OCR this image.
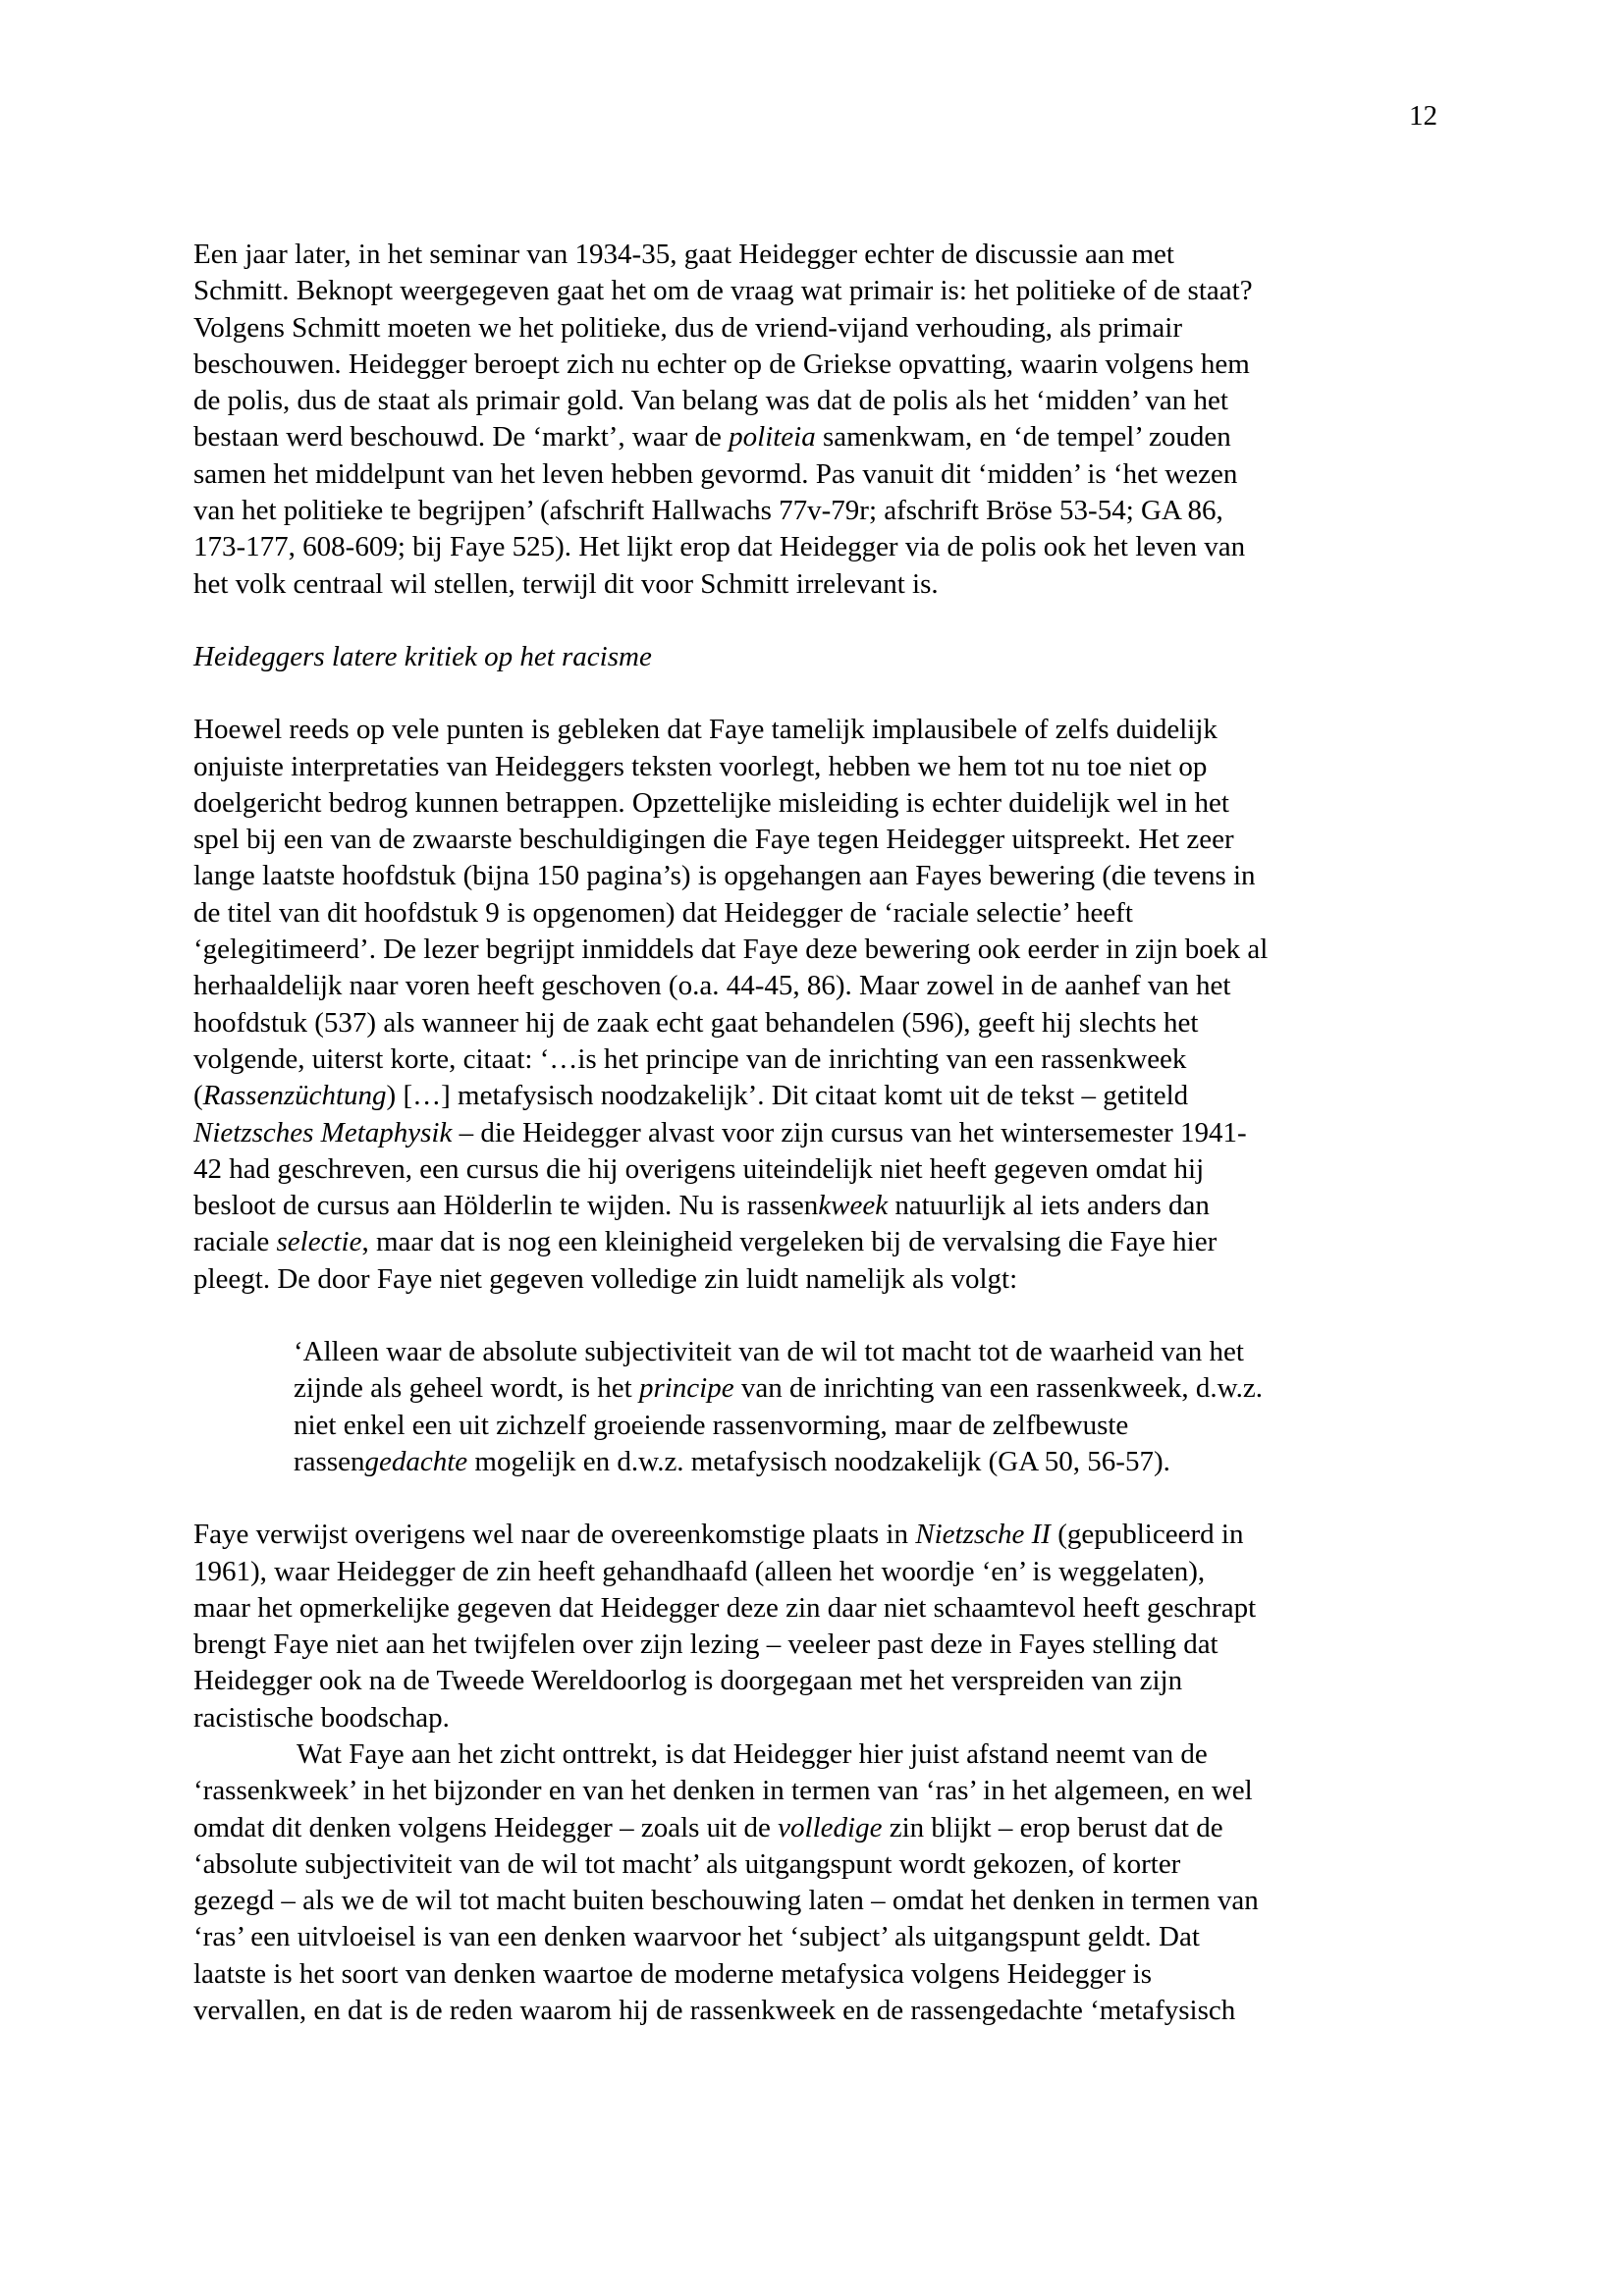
12

Een jaar later, in het seminar van 1934-35, gaat Heidegger echter de discussie aan met
Schmitt. Beknopt weergegeven gaat het om de vraag wat primair is: het politieke of de staat?
Volgens Schmitt moeten we het politieke, dus de vriend-vijand verhouding, als primair
beschouwen. Heidegger beroept zich nu echter op de Griekse opvatting, waarin volgens hem
de polis, dus de staat als primair gold. Van belang was dat de polis als het ‘midden’ van het
bestaan werd beschouwd. De ‘markt’, waar de politeia samenkwam, en ‘de tempel’ zouden
samen het middelpunt van het leven hebben gevormd. Pas vanuit dit ‘midden’ is ‘het wezen
van het politieke te begrijpen’ (afschrift Hallwachs 77v-79r; afschrift Bröse 53-54; GA 86,
173-177, 608-609; bij Faye 525). Het lijkt erop dat Heidegger via de polis ook het leven van
het volk centraal wil stellen, terwijl dit voor Schmitt irrelevant is.

Heideggers latere kritiek op het racisme

Hoewel reeds op vele punten is gebleken dat Faye tamelijk implausibele of zelfs duidelijk
onjuiste interpretaties van Heideggers teksten voorlegt, hebben we hem tot nu toe niet op
doelgericht bedrog kunnen betrappen. Opzettelijke misleiding is echter duidelijk wel in het
spel bij een van de zwaarste beschuldigingen die Faye tegen Heidegger uitspreekt. Het zeer
lange laatste hoofdstuk (bijna 150 pagina’s) is opgehangen aan Fayes bewering (die tevens in
de titel van dit hoofdstuk 9 is opgenomen) dat Heidegger de ‘raciale selectie’ heeft
‘gelegitimeerd’. De lezer begrijpt inmiddels dat Faye deze bewering ook eerder in zijn boek al
herhaaldelijk naar voren heeft geschoven (o.a. 44-45, 86). Maar zowel in de aanhef van het
hoofdstuk (537) als wanneer hij de zaak echt gaat behandelen (596), geeft hij slechts het
volgende, uiterst korte, citaat: ‘…is het principe van de inrichting van een rassenkweek
(Rassenzüchtung) […] metafysisch noodzakelijk’. Dit citaat komt uit de tekst – getiteld
Nietzsches Metaphysik – die Heidegger alvast voor zijn cursus van het wintersemester 1941-
42 had geschreven, een cursus die hij overigens uiteindelijk niet heeft gegeven omdat hij
besloot de cursus aan Hölderlin te wijden. Nu is rassenkweek natuurlijk al iets anders dan
raciale selectie, maar dat is nog een kleinigheid vergeleken bij de vervalsing die Faye hier
pleegt. De door Faye niet gegeven volledige zin luidt namelijk als volgt:

‘Alleen waar de absolute subjectiviteit van de wil tot macht tot de waarheid van het
zijnde als geheel wordt, is het principe van de inrichting van een rassenkweek, d.w.z.
niet enkel een uit zichzelf groeiende rassenvorming, maar de zelfbewuste
rassengedachte mogelijk en d.w.z. metafysisch noodzakelijk (GA 50, 56-57).

Faye verwijst overigens wel naar de overeenkomstige plaats in Nietzsche II (gepubliceerd in
1961), waar Heidegger de zin heeft gehandhaafd (alleen het woordje ‘en’ is weggelaten),
maar het opmerkelijke gegeven dat Heidegger deze zin daar niet schaamtevol heeft geschrapt
brengt Faye niet aan het twijfelen over zijn lezing – veeleer past deze in Fayes stelling dat
Heidegger ook na de Tweede Wereldoorlog is doorgegaan met het verspreiden van zijn
racistische boodschap.

Wat Faye aan het zicht onttrekt, is dat Heidegger hier juist afstand neemt van de
‘rassenkweek’ in het bijzonder en van het denken in termen van ‘ras’ in het algemeen, en wel
omdat dit denken volgens Heidegger – zoals uit de volledige zin blijkt – erop berust dat de
‘absolute subjectiviteit van de wil tot macht’ als uitgangspunt wordt gekozen, of korter
gezegd – als we de wil tot macht buiten beschouwing laten – omdat het denken in termen van
‘ras’ een uitvloeisel is van een denken waarvoor het ‘subject’ als uitgangspunt geldt. Dat
laatste is het soort van denken waartoe de moderne metafysica volgens Heidegger is
vervallen, en dat is de reden waarom hij de rassenkweek en de rassengedachte ‘metafysisch
